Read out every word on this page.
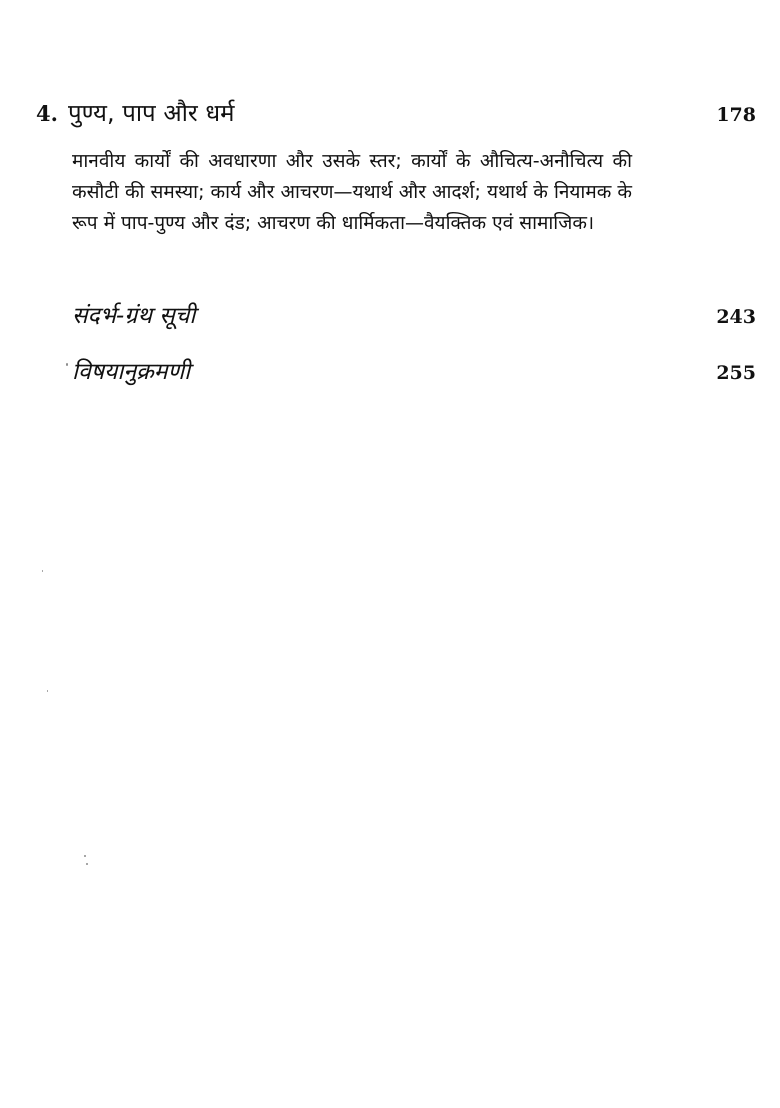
4. पुण्य, पाप और धर्म	178

मानवीय कार्यों की अवधारणा और उसके स्तर; कार्यों के औचित्य-अनौचित्य की कसौटी की समस्या; कार्य और आचरण—यथार्थ और आदर्श; यथार्थ के नियामक के रूप में पाप-पुण्य और दंड; आचरण की धार्मिकता—वैयक्तिक एवं सामाजिक।

संदर्भ-ग्रंथ सूची	243
विषयानुक्रमणी	255
